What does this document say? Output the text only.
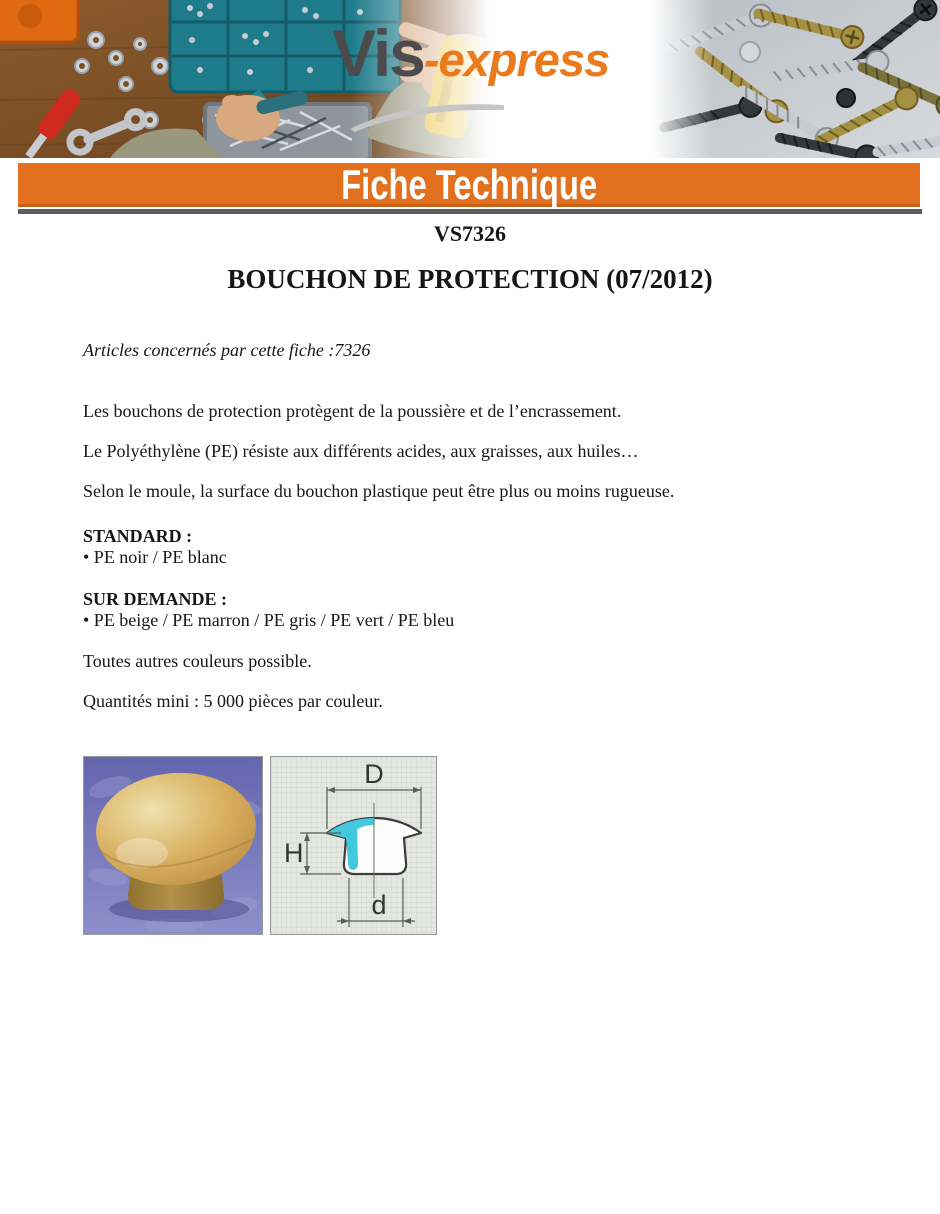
Vis -express
Fiche Technique
VS7326
BOUCHON DE PROTECTION (07/2012)
Articles concernés par cette fiche :7326
Les bouchons de protection protègent de la poussière et de l’encrassement.
Le Polyéthylène (PE) résiste aux différents acides, aux graisses, aux huiles…
Selon le moule, la surface du bouchon plastique peut être plus ou moins rugueuse.
STANDARD :
• PE noir / PE blanc
SUR DEMANDE :
• PE beige / PE marron / PE gris / PE vert / PE bleu
Toutes autres couleurs possible.
Quantités mini : 5 000 pièces par couleur.
D
H
d
